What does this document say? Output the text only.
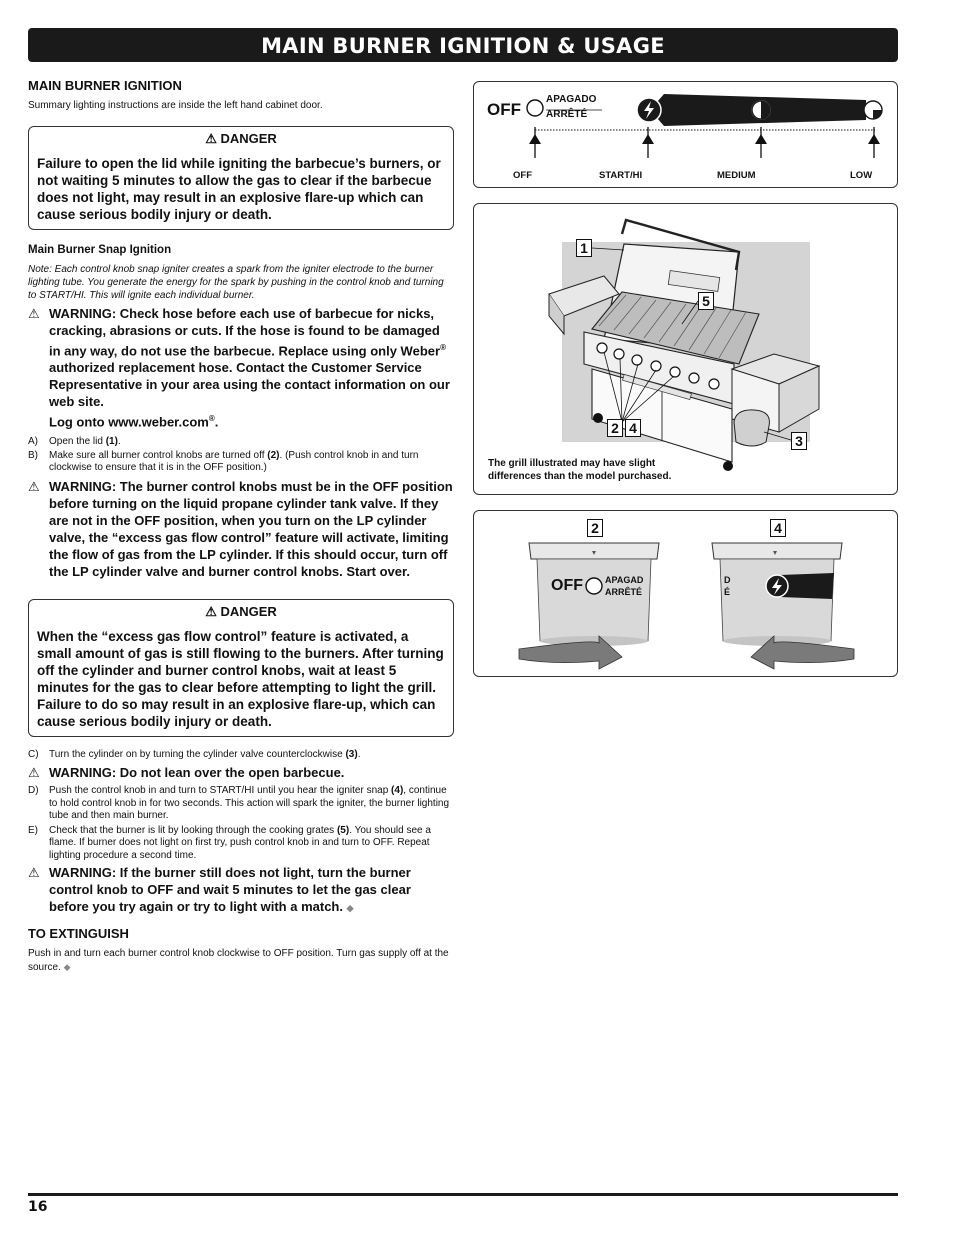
MAIN BURNER IGNITION & USAGE
MAIN BURNER IGNITION
Summary lighting instructions are inside the left hand cabinet door.
⚠ DANGER
Failure to open the lid while igniting the barbecue’s burners, or not waiting 5 minutes to allow the gas to clear if the barbecue does not light, may result in an explosive flare-up which can cause serious bodily injury or death.
Main Burner Snap Ignition
Note: Each control knob snap igniter creates a spark from the igniter electrode to the burner lighting tube. You generate the energy for the spark by pushing in the control knob and turning to START/HI. This will ignite each individual burner.
⚠ WARNING: Check hose before each use of barbecue for nicks, cracking, abrasions or cuts. If the hose is found to be damaged in any way, do not use the barbecue. Replace using only Weber® authorized replacement hose. Contact the Customer Service Representative in your area using the contact information on our web site.
Log onto www.weber.com®.
A) Open the lid (1).
B) Make sure all burner control knobs are turned off (2). (Push control knob in and turn clockwise to ensure that it is in the OFF position.)
⚠ WARNING: The burner control knobs must be in the OFF position before turning on the liquid propane cylinder tank valve. If they are not in the OFF position, when you turn on the LP cylinder valve, the “excess gas flow control” feature will activate, limiting the flow of gas from the LP cylinder. If this should occur, turn off the LP cylinder valve and burner control knobs. Start over.
⚠ DANGER
When the “excess gas flow control” feature is activated, a small amount of gas is still flowing to the burners. After turning off the cylinder and burner control knobs, wait at least 5 minutes for the gas to clear before attempting to light the grill. Failure to do so may result in an explosive flare-up, which can cause serious bodily injury or death.
C) Turn the cylinder on by turning the cylinder valve counterclockwise (3).
⚠ WARNING: Do not lean over the open barbecue.
D) Push the control knob in and turn to START/HI until you hear the igniter snap (4), continue to hold control knob in for two seconds. This action will spark the igniter, the burner lighting tube and then main burner.
E) Check that the burner is lit by looking through the cooking grates (5). You should see a flame. If burner does not light on first try, push control knob in and turn to OFF. Repeat lighting procedure a second time.
⚠ WARNING: If the burner still does not light, turn the burner control knob to OFF and wait 5 minutes to let the gas clear before you try again or try to light with a match. ◆
TO EXTINGUISH
Push in and turn each burner control knob clockwise to OFF position. Turn gas supply off at the source. ◆
OFF
APAGADO
ARRÊTÉ
OFF	START/HI	MEDIUM	LOW
The grill illustrated may have slight
differences than the model purchased.
1
5
2 4
3
OFF APAGAD
ARRÊTÉ
D
É
2	4
16
